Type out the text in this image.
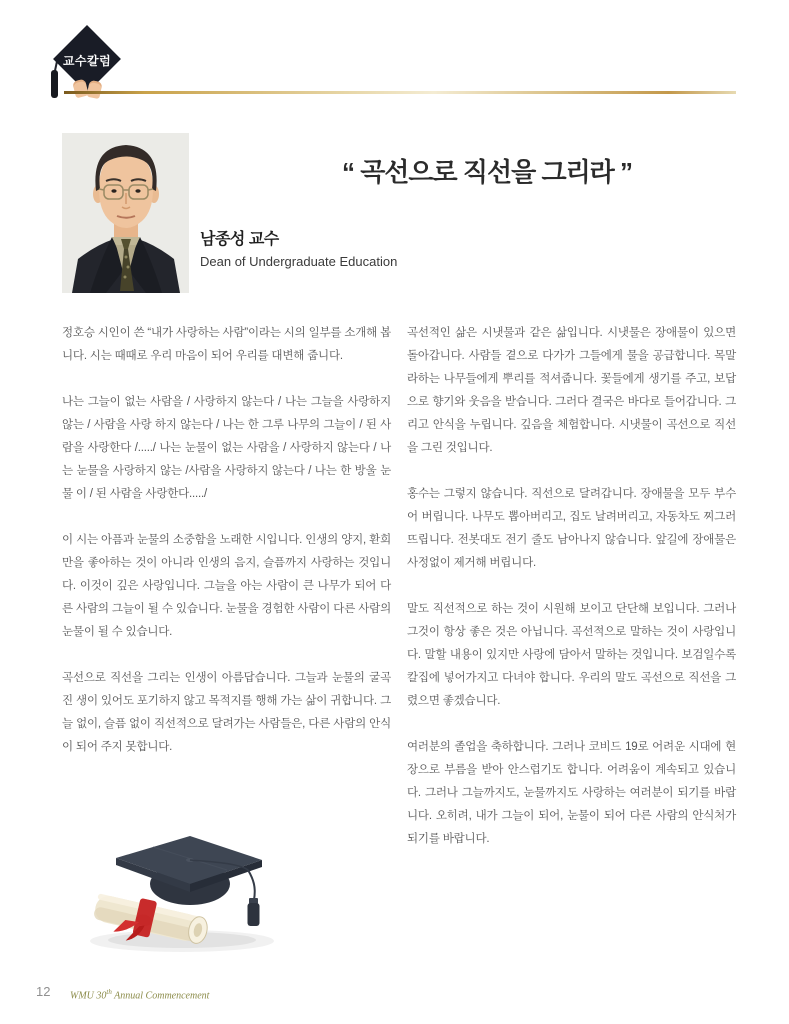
교수칼럼
“ 곡선으로 직선을 그리라 ”
남종성 교수
Dean of Undergraduate Education

정호승 시인이 쓴 “내가 사랑하는 사람”이라는 시의 일부를 소개해 봅니다. 시는 때때로 우리 마음이 되어 우리를 대변해 줍니다.

나는 그늘이 없는 사람을 / 사랑하지 않는다 / 나는 그늘을 사랑하지 않는 / 사람을 사랑 하지 않는다 / 나는 한 그루 나무의 그늘이 / 된 사람을 사랑한다 /...../ 나는 눈물이 없는 사람을 / 사랑하지 않는다 / 나는 눈물을 사랑하지 않는 /사람을 사랑하지 않는다 / 나는 한 방울 눈물 이 / 된 사람을 사랑한다...../

이 시는 아픔과 눈물의 소중함을 노래한 시입니다. 인생의 양지, 환희만을 좋아하는 것이 아니라 인생의 음지, 슬픔까지 사랑하는 것입니다. 이것이 깊은 사랑입니다. 그늘을 아는 사람이 큰 나무가 되어 다른 사람의 그늘이 될 수 있습니다. 눈물을 경험한 사람이 다른 사람의 눈물이 될 수 있습니다.

곡선으로 직선을 그리는 인생이 아름답습니다. 그늘과 눈물의 굴곡진 생이 있어도 포기하지 않고 목적지를 행해 가는 삶이 귀합니다. 그늘 없이, 슬픔 없이 직선적으로 달려가는 사람들은, 다른 사람의 안식이 되어 주지 못합니다.

곡선적인 삶은 시냇물과 같은 삶입니다. 시냇물은 장애물이 있으면 돌아갑니다. 사람들 곁으로 다가가 그들에게 물을 공급합니다. 목말라하는 나무들에게 뿌리를 적셔줍니다. 꽃들에게 생기를 주고, 보답으로 향기와 웃음을 받습니다. 그러다 결국은 바다로 들어갑니다. 그리고 안식을 누립니다. 깊음을 체험합니다. 시냇물이 곡선으로 직선을 그린 것입니다.

홍수는 그렇지 않습니다. 직선으로 달려갑니다. 장애물을 모두 부수어 버립니다. 나무도 뽑아버리고, 집도 날려버리고, 자동차도 찌그러뜨립니다. 전봇대도 전기 줄도 남아나지 않습니다. 앞길에 장애물은 사정없이 제거해 버립니다.

말도 직선적으로 하는 것이 시원해 보이고 단단해 보입니다. 그러나 그것이 항상 좋은 것은 아닙니다. 곡선적으로 말하는 것이 사랑입니다. 말할 내용이 있지만 사랑에 담아서 말하는 것입니다. 보검일수록 칼집에 넣어가지고 다녀야 합니다. 우리의 말도 곡선으로 직선을 그렸으면 좋겠습니다.

여러분의 졸업을 축하합니다. 그러나 코비드 19로 어려운 시대에 현장으로 부름을 받아 안스럽기도 합니다. 어려움이 계속되고 있습니다. 그러나 그늘까지도, 눈물까지도 사랑하는 여러분이 되기를 바랍니다. 오히려, 내가 그늘이 되어, 눈물이 되어 다른 사람의 안식처가 되기를 바랍니다.

12 WMU 30th Annual Commencement
